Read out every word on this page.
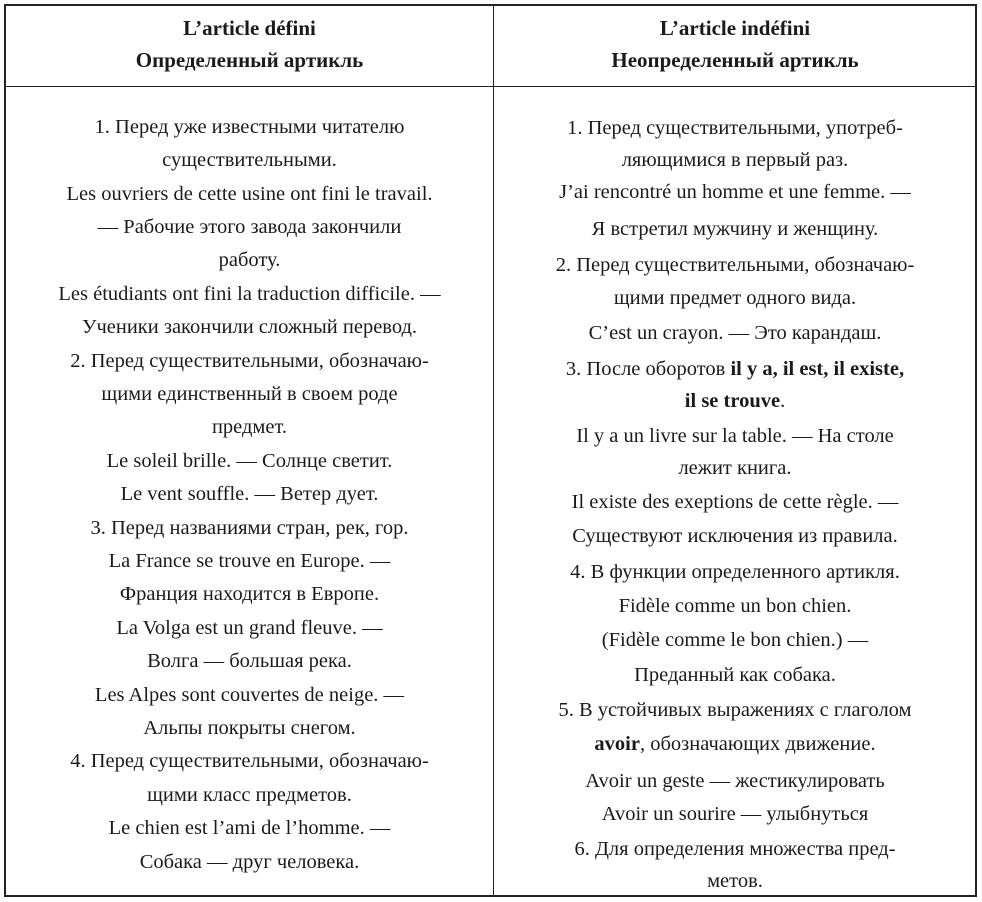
L’article défini
Определенный артикль
L’article indéfini
Неопределенный артикль
1. Перед уже известными читателю
существительными.
Les ouvriers de cette usine ont fini le travail.
— Рабочие этого завода закончили
работу.
Les étudiants ont fini la traduction difficile. —
Ученики закончили сложный перевод.
2. Перед существительными, обозначаю-
щими единственный в своем роде
предмет.
Le soleil brille. — Солнце светит.
Le vent souffle. — Ветер дует.
3. Перед названиями стран, рек, гор.
La France se trouve en Europe. —
Франция находится в Европе.
La Volga est un grand fleuve. —
Волга — большая река.
Les Alpes sont couvertes de neige. —
Альпы покрыты снегом.
4. Перед существительными, обозначаю-
щими класс предметов.
Le chien est l’ami de l’homme. —
Собака — друг человека.
1. Перед существительными, употреб-
ляющимися в первый раз.
J’ai rencontré un homme et une femme. —
Я встретил мужчину и женщину.
2. Перед существительными, обозначаю-
щими предмет одного вида.
C’est un crayon. — Это карандаш.
3. После оборотов il y a, il est, il existe,
il se trouve.
Il y a un livre sur la table. — На столе
лежит книга.
Il existe des exeptions de cette règle. —
Существуют исключения из правила.
4. В функции определенного артикля.
Fidèle comme un bon chien.
(Fidèle comme le bon chien.) —
Преданный как собака.
5. В устойчивых выражениях с глаголом
avoir, обозначающих движение.
Avoir un geste — жестикулировать
Avoir un sourire — улыбнуться
6. Для определения множества пред-
метов.
